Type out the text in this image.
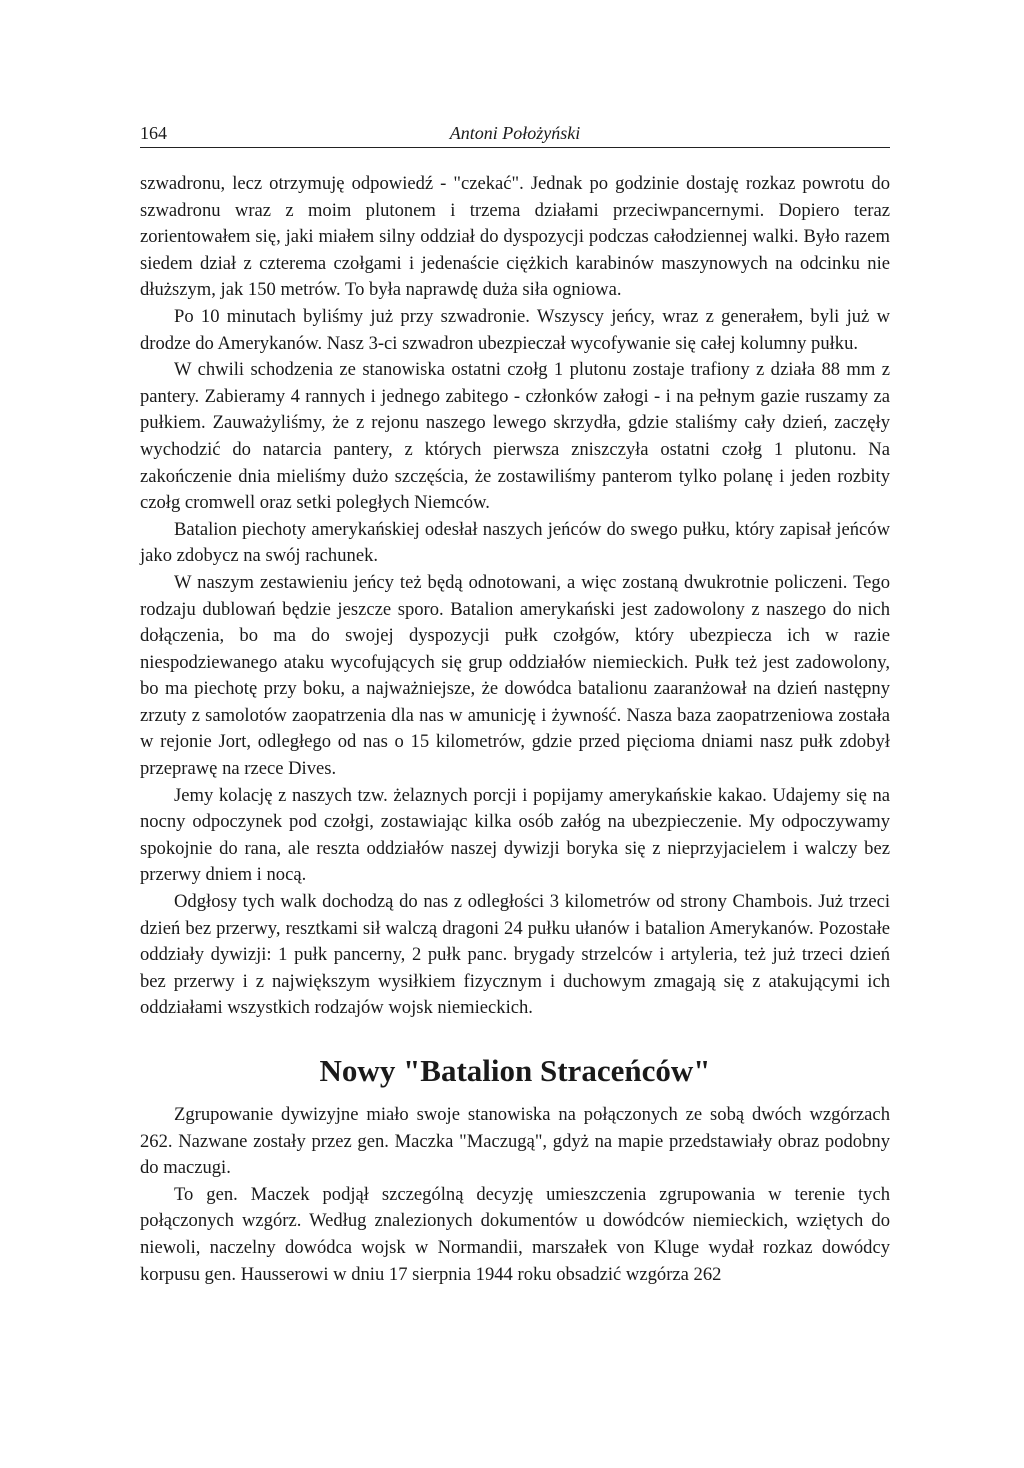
164	Antoni Położyński

szwadronu, lecz otrzymuję odpowiedź - "czekać". Jednak po godzinie dostaję rozkaz powrotu do szwadronu wraz z moim plutonem i trzema działami przeciwpancernymi. Dopiero teraz zorientowałem się, jaki miałem silny oddział do dyspozycji podczas całodziennej walki. Było razem siedem dział z czterema czołgami i jedenaście ciężkich karabinów maszynowych na odcinku nie dłuższym, jak 150 metrów. To była naprawdę duża siła ogniowa.

Po 10 minutach byliśmy już przy szwadronie. Wszyscy jeńcy, wraz z generałem, byli już w drodze do Amerykanów. Nasz 3-ci szwadron ubezpieczał wycofywanie się całej kolumny pułku.

W chwili schodzenia ze stanowiska ostatni czołg 1 plutonu zostaje trafiony z działa 88 mm z pantery. Zabieramy 4 rannych i jednego zabitego - członków załogi - i na pełnym gazie ruszamy za pułkiem. Zauważyliśmy, że z rejonu naszego lewego skrzydła, gdzie staliśmy cały dzień, zaczęły wychodzić do natarcia pantery, z których pierwsza zniszczyła ostatni czołg 1 plutonu. Na zakończenie dnia mieliśmy dużo szczęścia, że zostawiliśmy panterom tylko polanę i jeden rozbity czołg cromwell oraz setki poległych Niemców.

Batalion piechoty amerykańskiej odesłał naszych jeńców do swego pułku, który zapisał jeńców jako zdobycz na swój rachunek.

W naszym zestawieniu jeńcy też będą odnotowani, a więc zostaną dwukrotnie policzeni. Tego rodzaju dublowań będzie jeszcze sporo. Batalion amerykański jest zadowolony z naszego do nich dołączenia, bo ma do swojej dyspozycji pułk czołgów, który ubezpiecza ich w razie niespodziewanego ataku wycofujących się grup oddziałów niemieckich. Pułk też jest zadowolony, bo ma piechotę przy boku, a najważniejsze, że dowódca batalionu zaaranżował na dzień następny zrzuty z samolotów zaopatrzenia dla nas w amunicję i żywność. Nasza baza zaopatrzeniowa została w rejonie Jort, odległego od nas o 15 kilometrów, gdzie przed pięcioma dniami nasz pułk zdobył przeprawę na rzece Dives.

Jemy kolację z naszych tzw. żelaznych porcji i popijamy amerykańskie kakao. Udajemy się na nocny odpoczynek pod czołgi, zostawiając kilka osób załóg na ubezpieczenie. My odpoczywamy spokojnie do rana, ale reszta oddziałów naszej dywizji boryka się z nieprzyjacielem i walczy bez przerwy dniem i nocą.

Odgłosy tych walk dochodzą do nas z odległości 3 kilometrów od strony Chambois. Już trzeci dzień bez przerwy, resztkami sił walczą dragoni 24 pułku ułanów i batalion Amerykanów. Pozostałe oddziały dywizji: 1 pułk pancerny, 2 pułk panc. brygady strzelców i artyleria, też już trzeci dzień bez przerwy i z największym wysiłkiem fizycznym i duchowym zmagają się z atakującymi ich oddziałami wszystkich rodzajów wojsk niemieckich.

Nowy "Batalion Straceńców"

Zgrupowanie dywizyjne miało swoje stanowiska na połączonych ze sobą dwóch wzgórzach 262. Nazwane zostały przez gen. Maczka "Maczugą", gdyż na mapie przedstawiały obraz podobny do maczugi.

To gen. Maczek podjął szczególną decyzję umieszczenia zgrupowania w terenie tych połączonych wzgórz. Według znalezionych dokumentów u dowódców niemieckich, wziętych do niewoli, naczelny dowódca wojsk w Normandii, marszałek von Kluge wydał rozkaz dowódcy korpusu gen. Hausserowi w dniu 17 sierpnia 1944 roku obsadzić wzgórza 262
